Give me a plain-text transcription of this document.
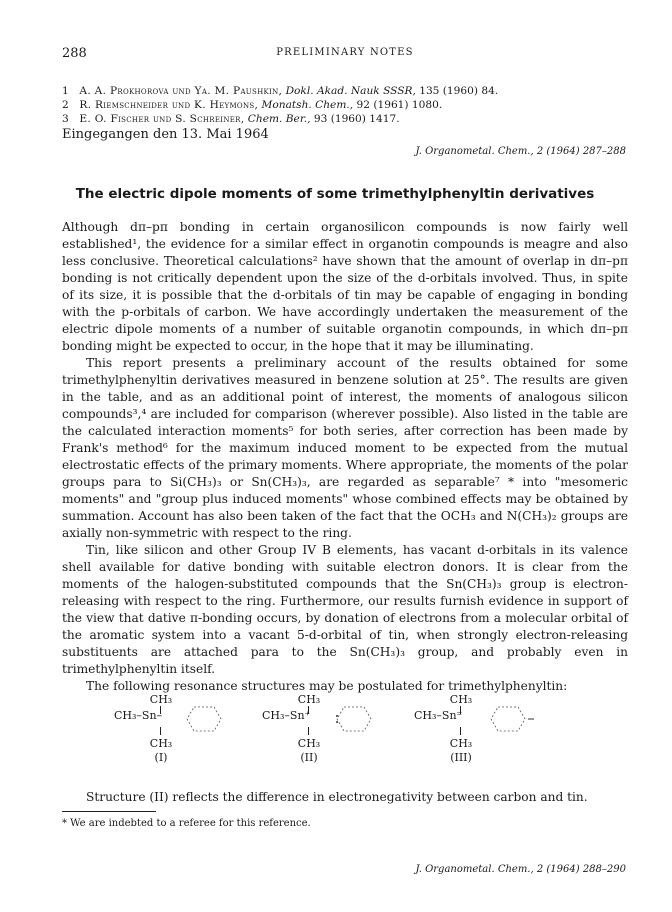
288	PRELIMINARY NOTES
1 A. A. Prokhorova und Ya. M. Paushkin, Dokl. Akad. Nauk SSSR, 135 (1960) 84.
2 R. Riemschneider und K. Heymons, Monatsh. Chem., 92 (1961) 1080.
3 E. O. Fischer und S. Schreiner, Chem. Ber., 93 (1960) 1417.
Eingegangen den 13. Mai 1964
J. Organometal. Chem., 2 (1964) 287–288
The electric dipole moments of some trimethylphenyltin derivatives

Although dπ–pπ bonding in certain organosilicon compounds is now fairly well established¹, the evidence for a similar effect in organotin compounds is meagre and also less conclusive. Theoretical calculations² have shown that the amount of overlap in dπ–pπ bonding is not critically dependent upon the size of the d-orbitals involved. Thus, in spite of its size, it is possible that the d-orbitals of tin may be capable of engaging in bonding with the p-orbitals of carbon. We have accordingly undertaken the measurement of the electric dipole moments of a number of suitable organotin compounds, in which dπ–pπ bonding might be expected to occur, in the hope that it may be illuminating.

This report presents a preliminary account of the results obtained for some trimethylphenyltin derivatives measured in benzene solution at 25°. The results are given in the table, and as an additional point of interest, the moments of analogous silicon compounds³,⁴ are included for comparison (wherever possible). Also listed in the table are the calculated interaction moments⁵ for both series, after correction has been made by Frank's method⁶ for the maximum induced moment to be expected from the mutual electrostatic effects of the primary moments. Where appropriate, the moments of the polar groups para to Si(CH₃)₃ or Sn(CH₃)₃, are regarded as separable⁷ * into "mesomeric moments" and "group plus induced moments" whose combined effects may be obtained by summation. Account has also been taken of the fact that the OCH₃ and N(CH₃)₂ groups are axially non-symmetric with respect to the ring.

Tin, like silicon and other Group IV B elements, has vacant d-orbitals in its valence shell available for dative bonding with suitable electron donors. It is clear from the moments of the halogen-substituted compounds that the Sn(CH₃)₃ group is electron-releasing with respect to the ring. Furthermore, our results furnish evidence in support of the view that dative π-bonding occurs, by donation of electrons from a molecular orbital of the aromatic system into a vacant 5-d-orbital of tin, when strongly electron-releasing substituents are attached para to the Sn(CH₃)₃ group, and probably even in trimethylphenyltin itself.

The following resonance structures may be postulated for trimethylphenyltin:

CH₃
CH₃–Sn–
CH₃
(I)
CH₃
CH₃–Sn⁺
CH₃
(II)
CH₃
CH₃–Sn⁼
CH₃
(III)

Structure (II) reflects the difference in electronegativity between carbon and tin.

* We are indebted to a referee for this reference.
J. Organometal. Chem., 2 (1964) 288–290
